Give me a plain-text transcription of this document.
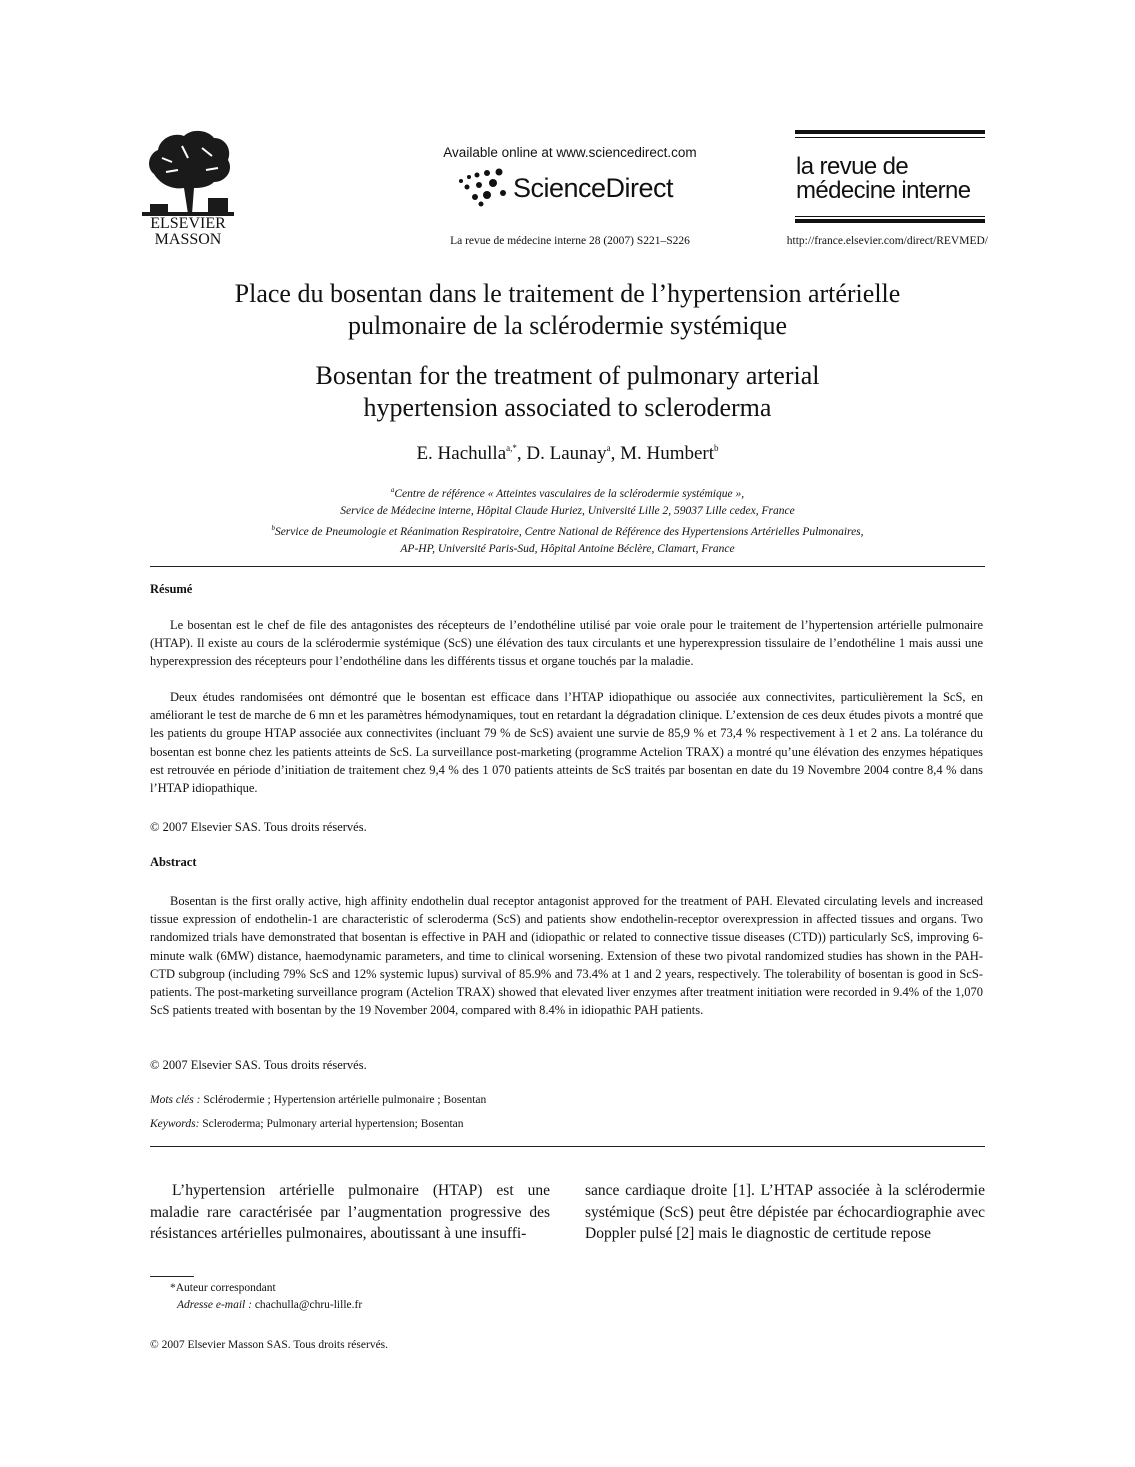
ELSEVIER
MASSON
Available online at www.sciencedirect.com
ScienceDirect
La revue de médecine interne 28 (2007) S221–S226
la revue de
médecine interne
http://france.elsevier.com/direct/REVMED/
Place du bosentan dans le traitement de l’hypertension artérielle
pulmonaire de la sclérodermie systémique
Bosentan for the treatment of pulmonary arterial
hypertension associated to scleroderma
E. Hachulla$^{a,*}$, D. Launay$^a$, M. Humbert$^b$
$^a$Centre de référence « Atteintes vasculaires de la sclérodermie systémique »,
Service de Médecine interne, Hôpital Claude Huriez, Université Lille 2, 59037 Lille cedex, France
$^b$Service de Pneumologie et Réanimation Respiratoire, Centre National de Référence des Hypertensions Artérielles Pulmonaires,
AP-HP, Université Paris-Sud, Hôpital Antoine Béclère, Clamart, France
Résumé
Le bosentan est le chef de file des antagonistes des récepteurs de l’endothéline utilisé par voie orale pour le traitement de l’hypertension artérielle pulmonaire (HTAP). Il existe au cours de la sclérodermie systémique (ScS) une élévation des taux circulants et une hyperexpression tissulaire de l’endothéline 1 mais aussi une hyperexpression des récepteurs pour l’endothéline dans les différents tissus et organe touchés par la maladie.
Deux études randomisées ont démontré que le bosentan est efficace dans l’HTAP idiopathique ou associée aux connectivites, particulièrement la ScS, en améliorant le test de marche de 6 mn et les paramètres hémodynamiques, tout en retardant la dégradation clinique. L’extension de ces deux études pivots a montré que les patients du groupe HTAP associée aux connectivites (incluant 79 % de ScS) avaient une survie de 85,9 % et 73,4 % respectivement à 1 et 2 ans. La tolérance du bosentan est bonne chez les patients atteints de ScS. La surveillance post-marketing (programme Actelion TRAX) a montré qu’une élévation des enzymes hépatiques est retrouvée en période d’initiation de traitement chez 9,4 % des 1 070 patients atteints de ScS traités par bosentan en date du 19 Novembre 2004 contre 8,4 % dans l’HTAP idiopathique.
© 2007 Elsevier SAS. Tous droits réservés.
Abstract
Bosentan is the first orally active, high affinity endothelin dual receptor antagonist approved for the treatment of PAH. Elevated circulating levels and increased tissue expression of endothelin-1 are characteristic of scleroderma (ScS) and patients show endothelin-receptor overexpression in affected tissues and organs. Two randomized trials have demonstrated that bosentan is effective in PAH and (idiopathic or related to connective tissue diseases (CTD)) particularly ScS, improving 6-minute walk (6MW) distance, haemodynamic parameters, and time to clinical worsening. Extension of these two pivotal randomized studies has shown in the PAH-CTD subgroup (including 79% ScS and 12% systemic lupus) survival of 85.9% and 73.4% at 1 and 2 years, respectively. The tolerability of bosentan is good in ScS-patients. The post-marketing surveillance program (Actelion TRAX) showed that elevated liver enzymes after treatment initiation were recorded in 9.4% of the 1,070 ScS patients treated with bosentan by the 19 November 2004, compared with 8.4% in idiopathic PAH patients.
© 2007 Elsevier SAS. Tous droits réservés.
Mots clés : Sclérodermie ; Hypertension artérielle pulmonaire ; Bosentan
Keywords: Scleroderma; Pulmonary arterial hypertension; Bosentan
L’hypertension artérielle pulmonaire (HTAP) est une maladie rare caractérisée par l’augmentation progressive des résistances artérielles pulmonaires, aboutissant à une insuffi-
sance cardiaque droite [1]. L’HTAP associée à la sclérodermie systémique (ScS) peut être dépistée par échocardiographie avec Doppler pulsé [2] mais le diagnostic de certitude repose
*Auteur correspondant
Adresse e-mail : chachulla@chru-lille.fr
© 2007 Elsevier Masson SAS. Tous droits réservés.
